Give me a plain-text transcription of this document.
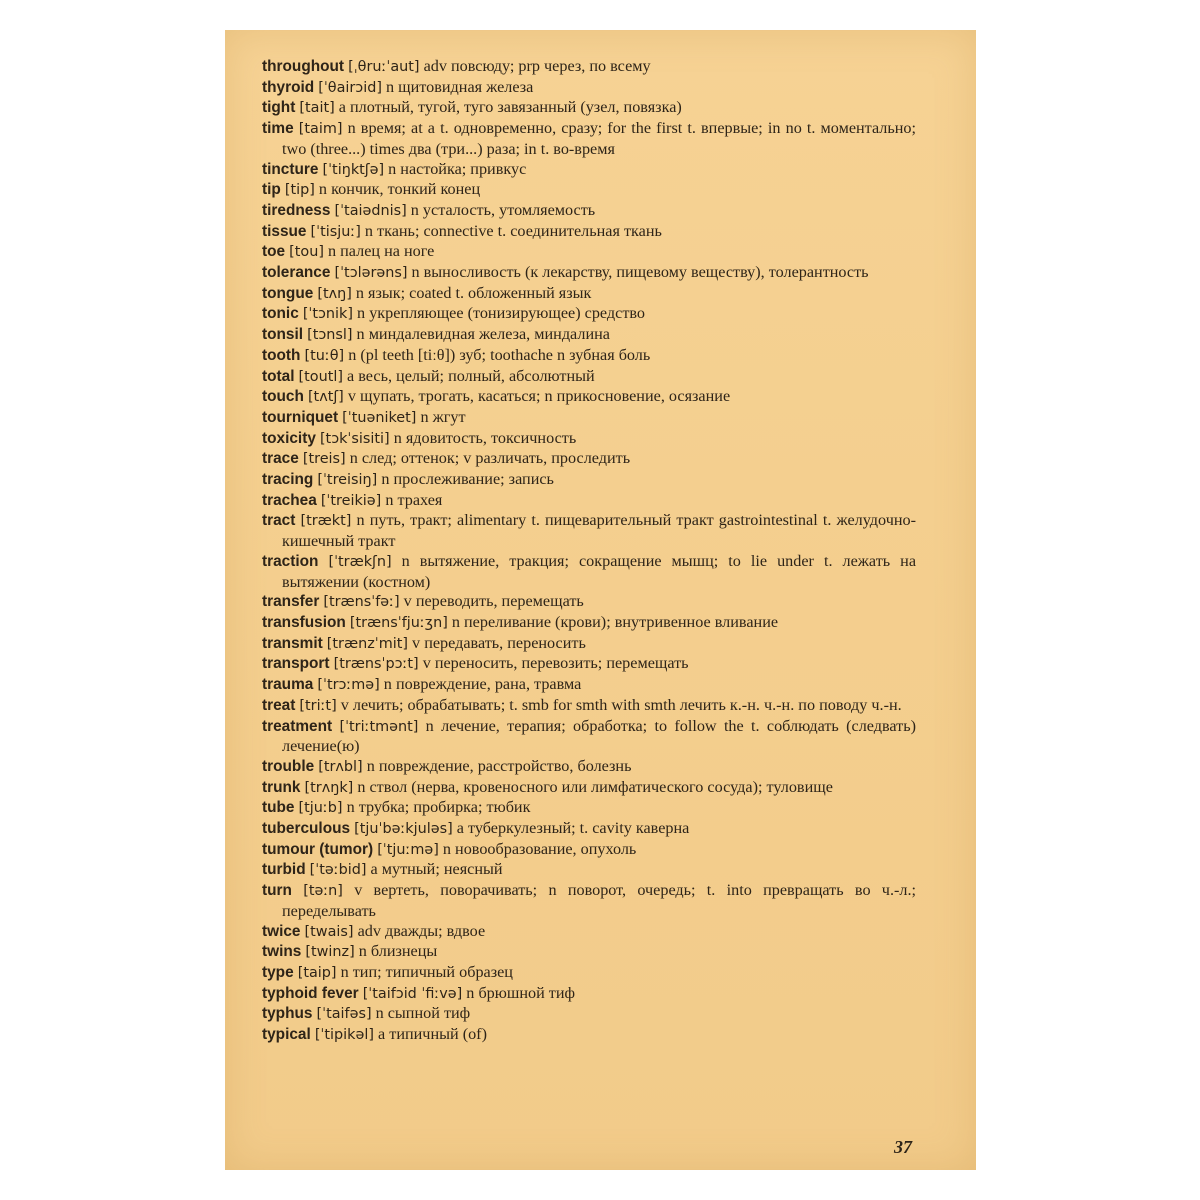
throughout [ˌθruːˈaut] adv повсюду; prp через, по всему

thyroid [ˈθairɔid] n щитовидная железа

tight [tait] a плотный, тугой, туго завязанный (узел, повязка)

time [taim] n время; at a t. одновременно, сразу; for the first t. впервые; in no t. моментально; two (three...) times два (три...) раза; in t. во-время

tincture [ˈtiŋktʃə] n настойка; привкус

tip [tip] n кончик, тонкий конец

tiredness [ˈtaiədnis] n усталость, утомляемость

tissue [ˈtisjuː] n ткань; connective t. соединительная ткань

toe [tou] n палец на ноге

tolerance [ˈtɔlərəns] n выносливость (к лекарству, пищевому веществу), толерантность

tongue [tʌŋ] n язык; coated t. обложенный язык

tonic [ˈtɔnik] n укрепляющее (тонизирующее) средство

tonsil [tɔnsl] n миндалевидная железа, миндалина

tooth [tuːθ] n (pl teeth [tiːθ]) зуб; toothache n зубная боль

total [toutl] a весь, целый; полный, абсолютный

touch [tʌtʃ] v щупать, трогать, касаться; n прикосновение, осязание

tourniquet [ˈtuəniket] n жгут

toxicity [tɔkˈsisiti] n ядовитость, токсичность

trace [treis] n след; оттенок; v различать, проследить

tracing [ˈtreisiŋ] n прослеживание; запись

trachea [ˈtreikiə] n трахея

tract [trækt] n путь, тракт; alimentary t. пищеварительный тракт gastrointestinal t. желудочно-кишечный тракт

traction [ˈtrækʃn] n вытяжение, тракция; сокращение мышц; to lie under t. лежать на вытяжении (костном)

transfer [trænsˈfəː] v переводить, перемещать

transfusion [trænsˈfjuːʒn] n переливание (крови); внутривенное вливание

transmit [trænzˈmit] v передавать, переносить

transport [trænsˈpɔːt] v переносить, перевозить; перемещать

trauma [ˈtrɔːmə] n повреждение, рана, травма

treat [triːt] v лечить; обрабатывать; t. smb for smth with smth лечить к.-н. ч.-н. по поводу ч.-н.

treatment [ˈtriːtmənt] n лечение, терапия; обработка; to follow the t. соблюдать (следвать) лечение(ю)

trouble [trʌbl] n повреждение, расстройство, болезнь

trunk [trʌŋk] n ствол (нерва, кровеносного или лимфатического сосуда); туловище

tube [tjuːb] n трубка; пробирка; тюбик

tuberculous [tjuˈbəːkjuləs] a туберкулезный; t. cavity каверна

tumour (tumor) [ˈtjuːmə] n новообразование, опухоль

turbid [ˈtəːbid] a мутный; неясный

turn [təːn] v вертеть, поворачивать; n поворот, очередь; t. into превращать во ч.-л.; переделывать

twice [twais] adv дважды; вдвое

twins [twinz] n близнецы

type [taip] n тип; типичный образец

typhoid fever [ˈtaifɔid ˈfiːvə] n брюшной тиф

typhus [ˈtaifəs] n сыпной тиф

typical [ˈtipikəl] a типичный (of)

37
